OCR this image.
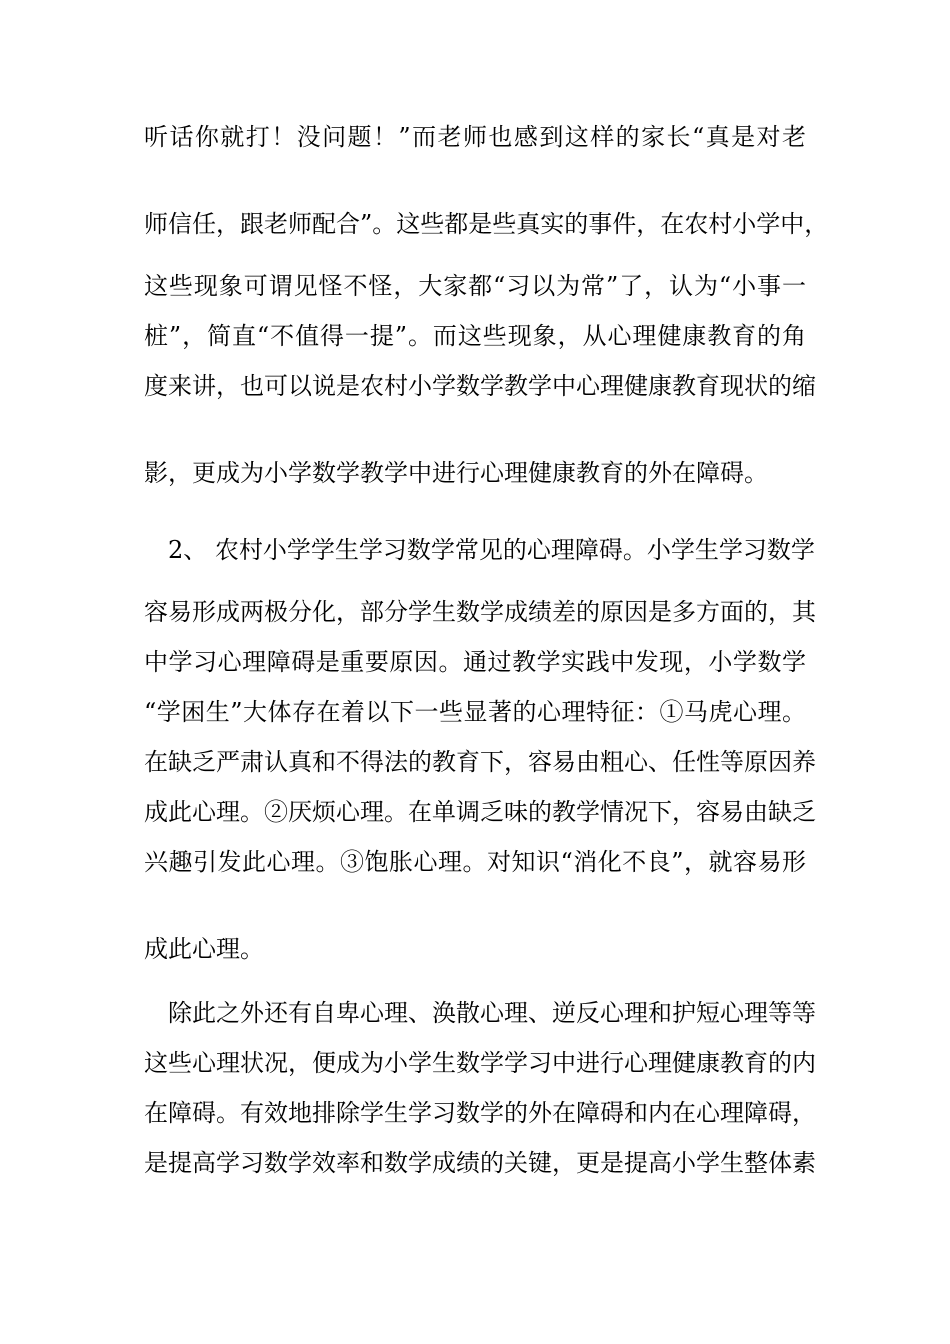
听话你就打！没问题！”而老师也感到这样的家长“真是对老
师信任，跟老师配合”。这些都是些真实的事件，在农村小学中，
这些现象可谓见怪不怪，大家都“习以为常”了，认为“小事一
桩”，简直“不值得一提”。而这些现象，从心理健康教育的角
度来讲，也可以说是农村小学数学教学中心理健康教育现状的缩
影，更成为小学数学教学中进行心理健康教育的外在障碍。
2、 农村小学学生学习数学常见的心理障碍。小学生学习数学
容易形成两极分化，部分学生数学成绩差的原因是多方面的，其
中学习心理障碍是重要原因。通过教学实践中发现，小学数学
“学困生”大体存在着以下一些显著的心理特征：①马虎心理。
在缺乏严肃认真和不得法的教育下，容易由粗心、任性等原因养
成此心理。②厌烦心理。在单调乏味的教学情况下，容易由缺乏
兴趣引发此心理。③饱胀心理。对知识“消化不良”，就容易形
成此心理。
除此之外还有自卑心理、涣散心理、逆反心理和护短心理等等
这些心理状况，便成为小学生数学学习中进行心理健康教育的内
在障碍。有效地排除学生学习数学的外在障碍和内在心理障碍，
是提高学习数学效率和数学成绩的关键，更是提高小学生整体素
